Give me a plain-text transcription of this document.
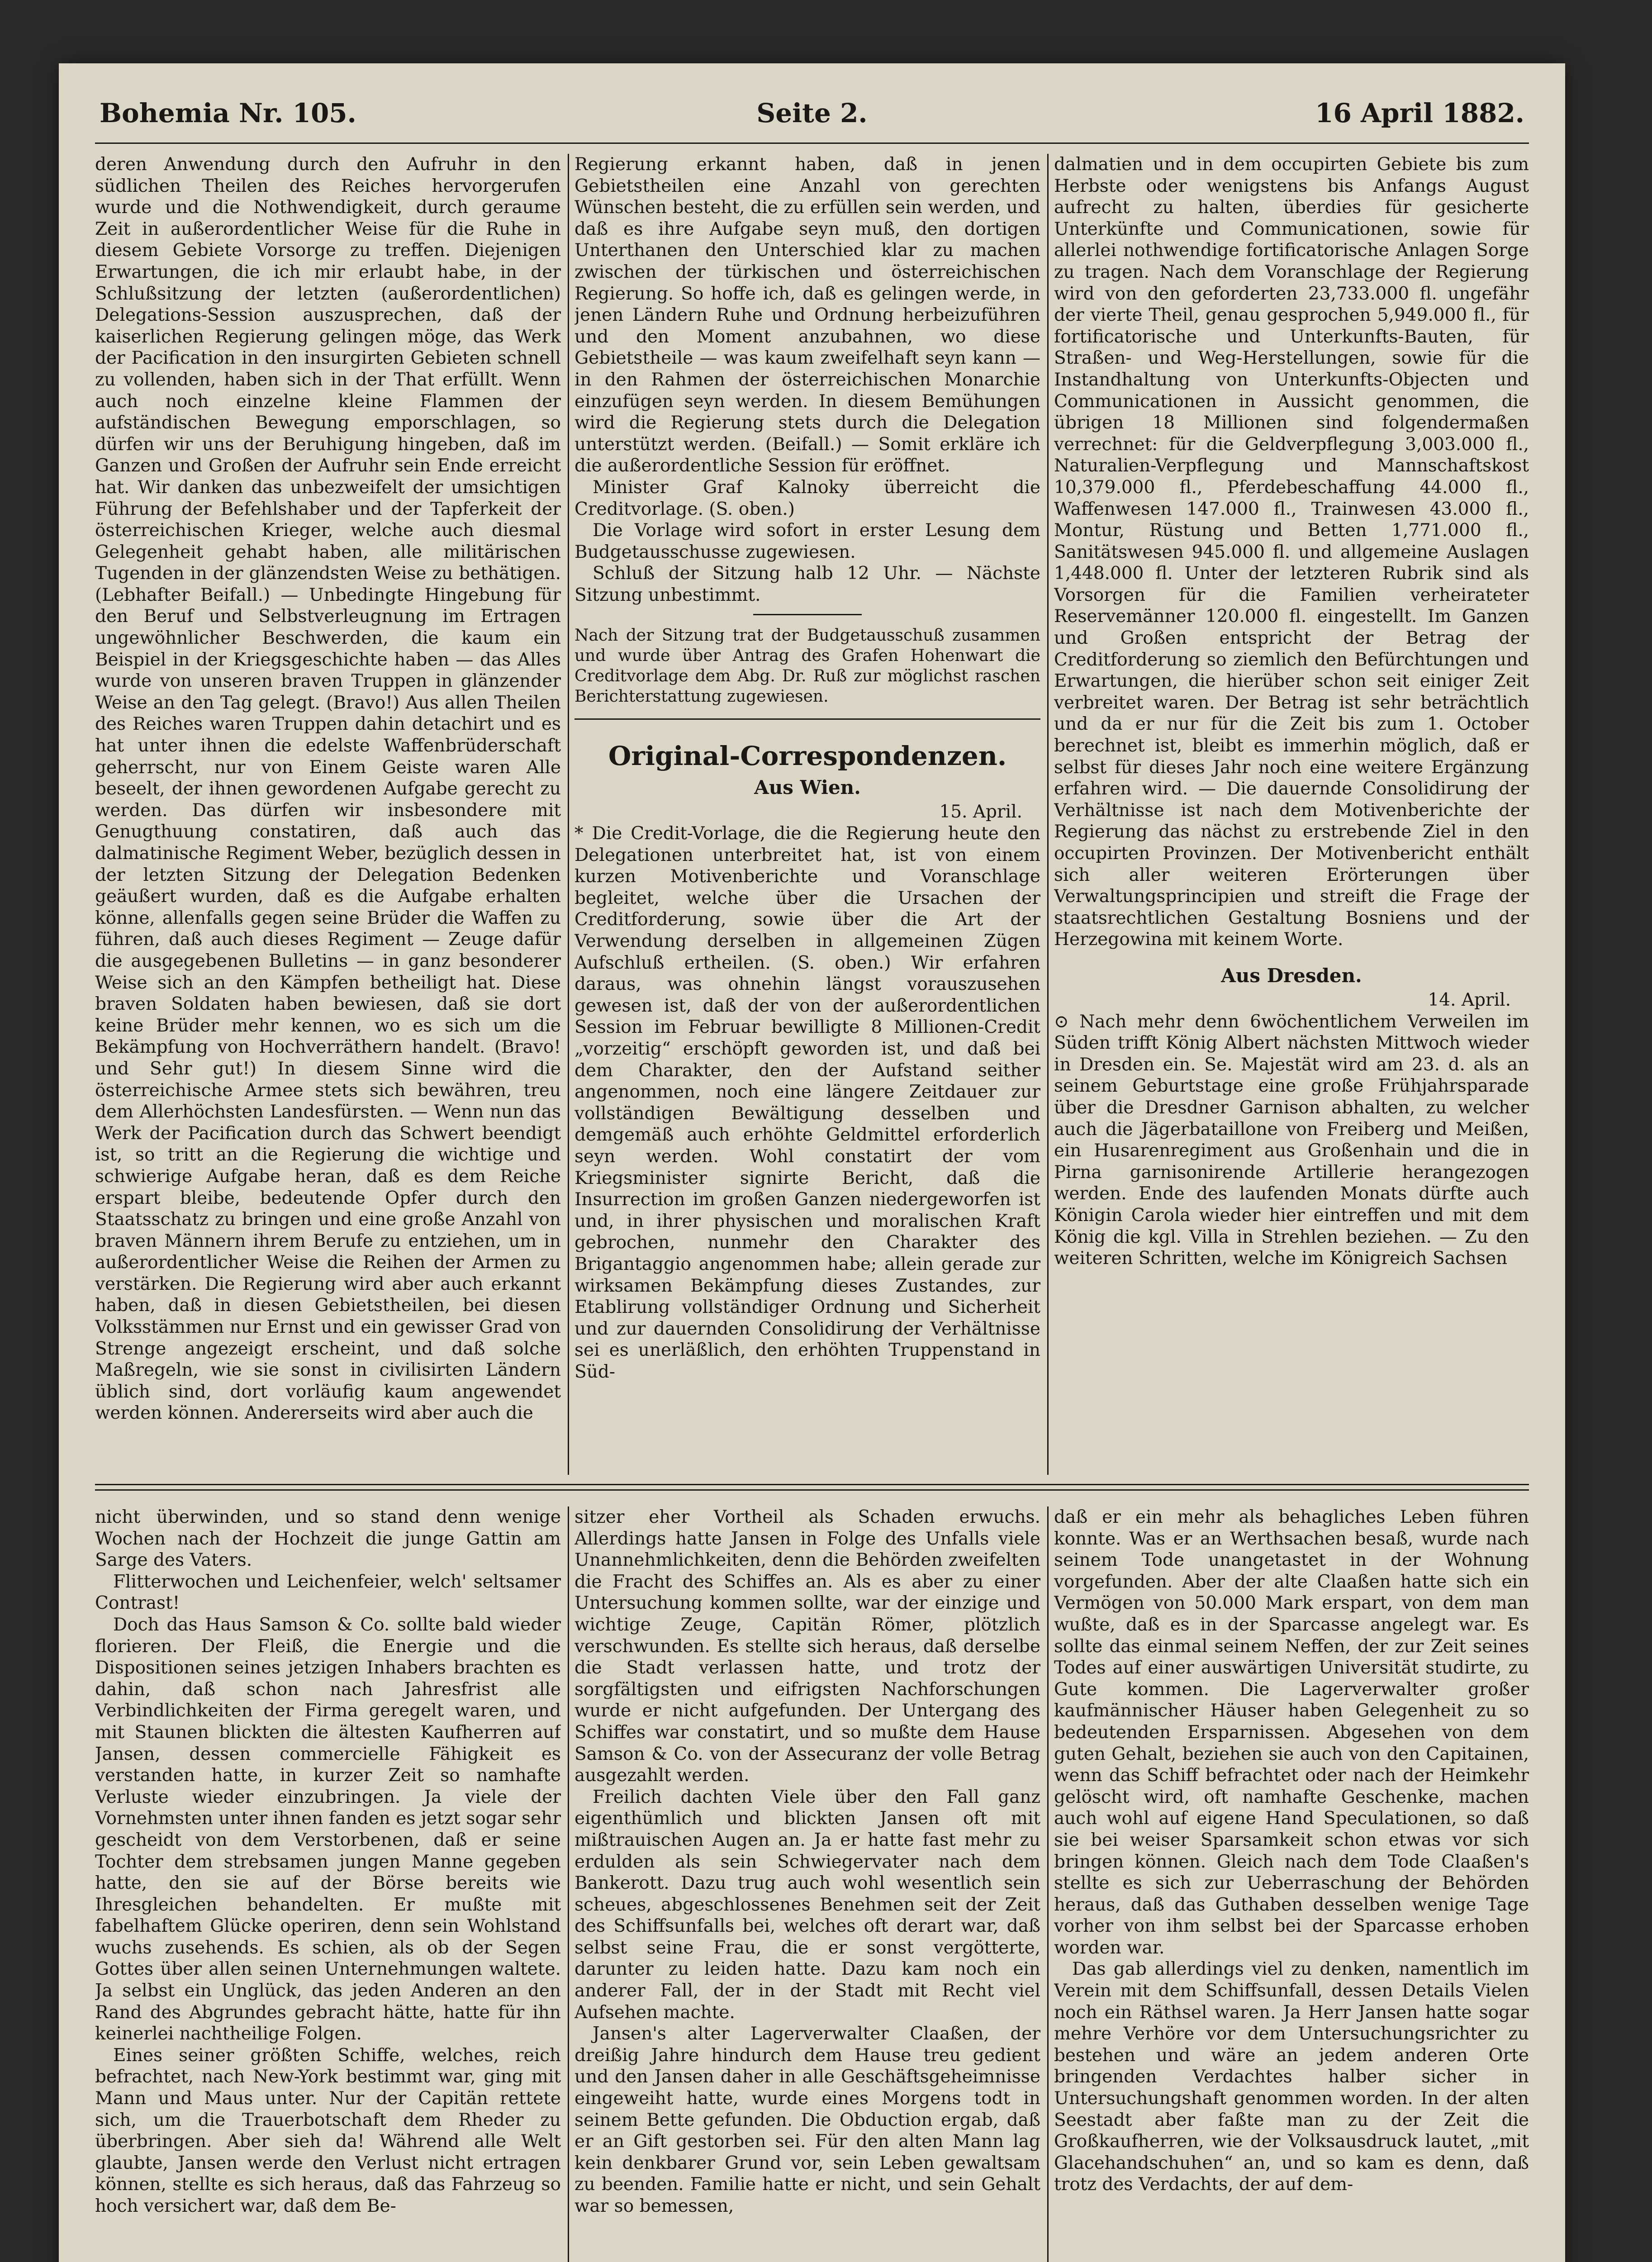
Bohemia Nr. 105.	Seite 2.	16 April 1882.

deren Anwendung durch den Aufruhr in den südlichen Theilen des Reiches hervorgerufen wurde und die Nothwendigkeit, durch geraume Zeit in außerordentlicher Weise für die Ruhe in diesem Gebiete Vorsorge zu treffen. Diejenigen Erwartungen, die ich mir erlaubt habe, in der Schlußsitzung der letzten (außerordentlichen) Delegations-Session auszusprechen, daß der kaiserlichen Regierung gelingen möge, das Werk der Pacification in den insurgirten Gebieten schnell zu vollenden, haben sich in der That erfüllt. Wenn auch noch einzelne kleine Flammen der aufständischen Bewegung emporschlagen, so dürfen wir uns der Beruhigung hingeben, daß im Ganzen und Großen der Aufruhr sein Ende erreicht hat. Wir danken das unbezweifelt der umsichtigen Führung der Befehlshaber und der Tapferkeit der österreichischen Krieger, welche auch diesmal Gelegenheit gehabt haben, alle militärischen Tugenden in der glänzendsten Weise zu bethätigen. (Lebhafter Beifall.) — Unbedingte Hingebung für den Beruf und Selbstverleugnung im Ertragen ungewöhnlicher Beschwerden, die kaum ein Beispiel in der Kriegsgeschichte haben — das Alles wurde von unseren braven Truppen in glänzender Weise an den Tag gelegt. (Bravo!) Aus allen Theilen des Reiches waren Truppen dahin detachirt und es hat unter ihnen die edelste Waffenbrüderschaft geherrscht, nur von Einem Geiste waren Alle beseelt, der ihnen gewordenen Aufgabe gerecht zu werden. Das dürfen wir insbesondere mit Genugthuung constatiren, daß auch das dalmatinische Regiment Weber, bezüglich dessen in der letzten Sitzung der Delegation Bedenken geäußert wurden, daß es die Aufgabe erhalten könne, allenfalls gegen seine Brüder die Waffen zu führen, daß auch dieses Regiment — Zeuge dafür die ausgegebenen Bulletins — in ganz besonderer Weise sich an den Kämpfen betheiligt hat. Diese braven Soldaten haben bewiesen, daß sie dort keine Brüder mehr kennen, wo es sich um die Bekämpfung von Hochverräthern handelt. (Bravo! und Sehr gut!) In diesem Sinne wird die österreichische Armee stets sich bewähren, treu dem Allerhöchsten Landesfürsten. — Wenn nun das Werk der Pacification durch das Schwert beendigt ist, so tritt an die Regierung die wichtige und schwierige Aufgabe heran, daß es dem Reiche erspart bleibe, bedeutende Opfer durch den Staatsschatz zu bringen und eine große Anzahl von braven Männern ihrem Berufe zu entziehen, um in außerordentlicher Weise die Reihen der Armen zu verstärken. Die Regierung wird aber auch erkannt haben, daß in diesen Gebietstheilen, bei diesen Volksstämmen nur Ernst und ein gewisser Grad von Strenge angezeigt erscheint, und daß solche Maßregeln, wie sie sonst in civilisirten Ländern üblich sind, dort vorläufig kaum angewendet werden können. Andererseits wird aber auch die

Regierung erkannt haben, daß in jenen Gebietstheilen eine Anzahl von gerechten Wünschen besteht, die zu erfüllen sein werden, und daß es ihre Aufgabe seyn muß, den dortigen Unterthanen den Unterschied klar zu machen zwischen der türkischen und österreichischen Regierung. So hoffe ich, daß es gelingen werde, in jenen Ländern Ruhe und Ordnung herbeizuführen und den Moment anzubahnen, wo diese Gebietstheile — was kaum zweifelhaft seyn kann — in den Rahmen der österreichischen Monarchie einzufügen seyn werden. In diesem Bemühungen wird die Regierung stets durch die Delegation unterstützt werden. (Beifall.) — Somit erkläre ich die außerordentliche Session für eröffnet.

Minister Graf Kalnoky überreicht die Creditvorlage. (S. oben.)

Die Vorlage wird sofort in erster Lesung dem Budgetausschusse zugewiesen.

Schluß der Sitzung halb 12 Uhr. — Nächste Sitzung unbestimmt.

Nach der Sitzung trat der Budgetausschuß zusammen und wurde über Antrag des Grafen Hohenwart die Creditvorlage dem Abg. Dr. Ruß zur möglichst raschen Berichterstattung zugewiesen.

Original-Correspondenzen.

Aus Wien.

15. April.

* Die Credit-Vorlage, die die Regierung heute den Delegationen unterbreitet hat, ist von einem kurzen Motivenberichte und Voranschlage begleitet, welche über die Ursachen der Creditforderung, sowie über die Art der Verwendung derselben in allgemeinen Zügen Aufschluß ertheilen. (S. oben.) Wir erfahren daraus, was ohnehin längst vorauszusehen gewesen ist, daß der von der außerordentlichen Session im Februar bewilligte 8 Millionen-Credit „vorzeitig“ erschöpft geworden ist, und daß bei dem Charakter, den der Aufstand seither angenommen, noch eine längere Zeitdauer zur vollständigen Bewältigung desselben und demgemäß auch erhöhte Geldmittel erforderlich seyn werden. Wohl constatirt der vom Kriegsminister signirte Bericht, daß die Insurrection im großen Ganzen niedergeworfen ist und, in ihrer physischen und moralischen Kraft gebrochen, nunmehr den Charakter des Brigantaggio angenommen habe; allein gerade zur wirksamen Bekämpfung dieses Zustandes, zur Etablirung vollständiger Ordnung und Sicherheit und zur dauernden Consolidirung der Verhältnisse sei es unerläßlich, den erhöhten Truppenstand in Süd-

dalmatien und in dem occupirten Gebiete bis zum Herbste oder wenigstens bis Anfangs August aufrecht zu halten, überdies für gesicherte Unterkünfte und Communicationen, sowie für allerlei nothwendige fortificatorische Anlagen Sorge zu tragen. Nach dem Voranschlage der Regierung wird von den geforderten 23,733.000 fl. ungefähr der vierte Theil, genau gesprochen 5,949.000 fl., für fortificatorische und Unterkunfts-Bauten, für Straßen- und Weg-Herstellungen, sowie für die Instandhaltung von Unterkunfts-Objecten und Communicationen in Aussicht genommen, die übrigen 18 Millionen sind folgendermaßen verrechnet: für die Geldverpflegung 3,003.000 fl., Naturalien-Verpflegung und Mannschaftskost 10,379.000 fl., Pferdebeschaffung 44.000 fl., Waffenwesen 147.000 fl., Trainwesen 43.000 fl., Montur, Rüstung und Betten 1,771.000 fl., Sanitätswesen 945.000 fl. und allgemeine Auslagen 1,448.000 fl. Unter der letzteren Rubrik sind als Vorsorgen für die Familien verheirateter Reservemänner 120.000 fl. eingestellt. Im Ganzen und Großen entspricht der Betrag der Creditforderung so ziemlich den Befürchtungen und Erwartungen, die hierüber schon seit einiger Zeit verbreitet waren. Der Betrag ist sehr beträchtlich und da er nur für die Zeit bis zum 1. October berechnet ist, bleibt es immerhin möglich, daß er selbst für dieses Jahr noch eine weitere Ergänzung erfahren wird. — Die dauernde Consolidirung der Verhältnisse ist nach dem Motivenberichte der Regierung das nächst zu erstrebende Ziel in den occupirten Provinzen. Der Motivenbericht enthält sich aller weiteren Erörterungen über Verwaltungsprincipien und streift die Frage der staatsrechtlichen Gestaltung Bosniens und der Herzegowina mit keinem Worte.

Aus Dresden.

14. April.

⊙ Nach mehr denn 6wöchentlichem Verweilen im Süden trifft König Albert nächsten Mittwoch wieder in Dresden ein. Se. Majestät wird am 23. d. als an seinem Geburtstage eine große Frühjahrsparade über die Dresdner Garnison abhalten, zu welcher auch die Jägerbataillone von Freiberg und Meißen, ein Husarenregiment aus Großenhain und die in Pirna garnisonirende Artillerie herangezogen werden. Ende des laufenden Monats dürfte auch Königin Carola wieder hier eintreffen und mit dem König die kgl. Villa in Strehlen beziehen. — Zu den weiteren Schritten, welche im Königreich Sachsen

nicht überwinden, und so stand denn wenige Wochen nach der Hochzeit die junge Gattin am Sarge des Vaters.

Flitterwochen und Leichenfeier, welch' seltsamer Contrast!

Doch das Haus Samson & Co. sollte bald wieder florieren. Der Fleiß, die Energie und die Dispositionen seines jetzigen Inhabers brachten es dahin, daß schon nach Jahresfrist alle Verbindlichkeiten der Firma geregelt waren, und mit Staunen blickten die ältesten Kaufherren auf Jansen, dessen commercielle Fähigkeit es verstanden hatte, in kurzer Zeit so namhafte Verluste wieder einzubringen. Ja viele der Vornehmsten unter ihnen fanden es jetzt sogar sehr gescheidt von dem Verstorbenen, daß er seine Tochter dem strebsamen jungen Manne gegeben hatte, den sie auf der Börse bereits wie Ihresgleichen behandelten. Er mußte mit fabelhaftem Glücke operiren, denn sein Wohlstand wuchs zusehends. Es schien, als ob der Segen Gottes über allen seinen Unternehmungen waltete. Ja selbst ein Unglück, das jeden Anderen an den Rand des Abgrundes gebracht hätte, hatte für ihn keinerlei nachtheilige Folgen.

Eines seiner größten Schiffe, welches, reich befrachtet, nach New-York bestimmt war, ging mit Mann und Maus unter. Nur der Capitän rettete sich, um die Trauerbotschaft dem Rheder zu überbringen. Aber sieh da! Während alle Welt glaubte, Jansen werde den Verlust nicht ertragen können, stellte es sich heraus, daß das Fahrzeug so hoch versichert war, daß dem Be-

sitzer eher Vortheil als Schaden erwuchs. Allerdings hatte Jansen in Folge des Unfalls viele Unannehmlichkeiten, denn die Behörden zweifelten die Fracht des Schiffes an. Als es aber zu einer Untersuchung kommen sollte, war der einzige und wichtige Zeuge, Capitän Römer, plötzlich verschwunden. Es stellte sich heraus, daß derselbe die Stadt verlassen hatte, und trotz der sorgfältigsten und eifrigsten Nachforschungen wurde er nicht aufgefunden. Der Untergang des Schiffes war constatirt, und so mußte dem Hause Samson & Co. von der Assecuranz der volle Betrag ausgezahlt werden.

Freilich dachten Viele über den Fall ganz eigenthümlich und blickten Jansen oft mit mißtrauischen Augen an. Ja er hatte fast mehr zu erdulden als sein Schwiegervater nach dem Bankerott. Dazu trug auch wohl wesentlich sein scheues, abgeschlossenes Benehmen seit der Zeit des Schiffsunfalls bei, welches oft derart war, daß selbst seine Frau, die er sonst vergötterte, darunter zu leiden hatte. Dazu kam noch ein anderer Fall, der in der Stadt mit Recht viel Aufsehen machte.

Jansen's alter Lagerverwalter Claaßen, der dreißig Jahre hindurch dem Hause treu gedient und den Jansen daher in alle Geschäftsgeheimnisse eingeweiht hatte, wurde eines Morgens todt in seinem Bette gefunden. Die Obduction ergab, daß er an Gift gestorben sei. Für den alten Mann lag kein denkbarer Grund vor, sein Leben gewaltsam zu beenden. Familie hatte er nicht, und sein Gehalt war so bemessen,

daß er ein mehr als behagliches Leben führen konnte. Was er an Werthsachen besaß, wurde nach seinem Tode unangetastet in der Wohnung vorgefunden. Aber der alte Claaßen hatte sich ein Vermögen von 50.000 Mark erspart, von dem man wußte, daß es in der Sparcasse angelegt war. Es sollte das einmal seinem Neffen, der zur Zeit seines Todes auf einer auswärtigen Universität studirte, zu Gute kommen. Die Lagerverwalter großer kaufmännischer Häuser haben Gelegenheit zu so bedeutenden Ersparnissen. Abgesehen von dem guten Gehalt, beziehen sie auch von den Capitainen, wenn das Schiff befrachtet oder nach der Heimkehr gelöscht wird, oft namhafte Geschenke, machen auch wohl auf eigene Hand Speculationen, so daß sie bei weiser Sparsamkeit schon etwas vor sich bringen können. Gleich nach dem Tode Claaßen's stellte es sich zur Ueberraschung der Behörden heraus, daß das Guthaben desselben wenige Tage vorher von ihm selbst bei der Sparcasse erhoben worden war.

Das gab allerdings viel zu denken, namentlich im Verein mit dem Schiffsunfall, dessen Details Vielen noch ein Räthsel waren. Ja Herr Jansen hatte sogar mehre Verhöre vor dem Untersuchungsrichter zu bestehen und wäre an jedem anderen Orte bringenden Verdachtes halber sicher in Untersuchungshaft genommen worden. In der alten Seestadt aber faßte man zu der Zeit die Großkaufherren, wie der Volksausdruck lautet, „mit Glacehandschuhen“ an, und so kam es denn, daß trotz des Verdachts, der auf dem-
